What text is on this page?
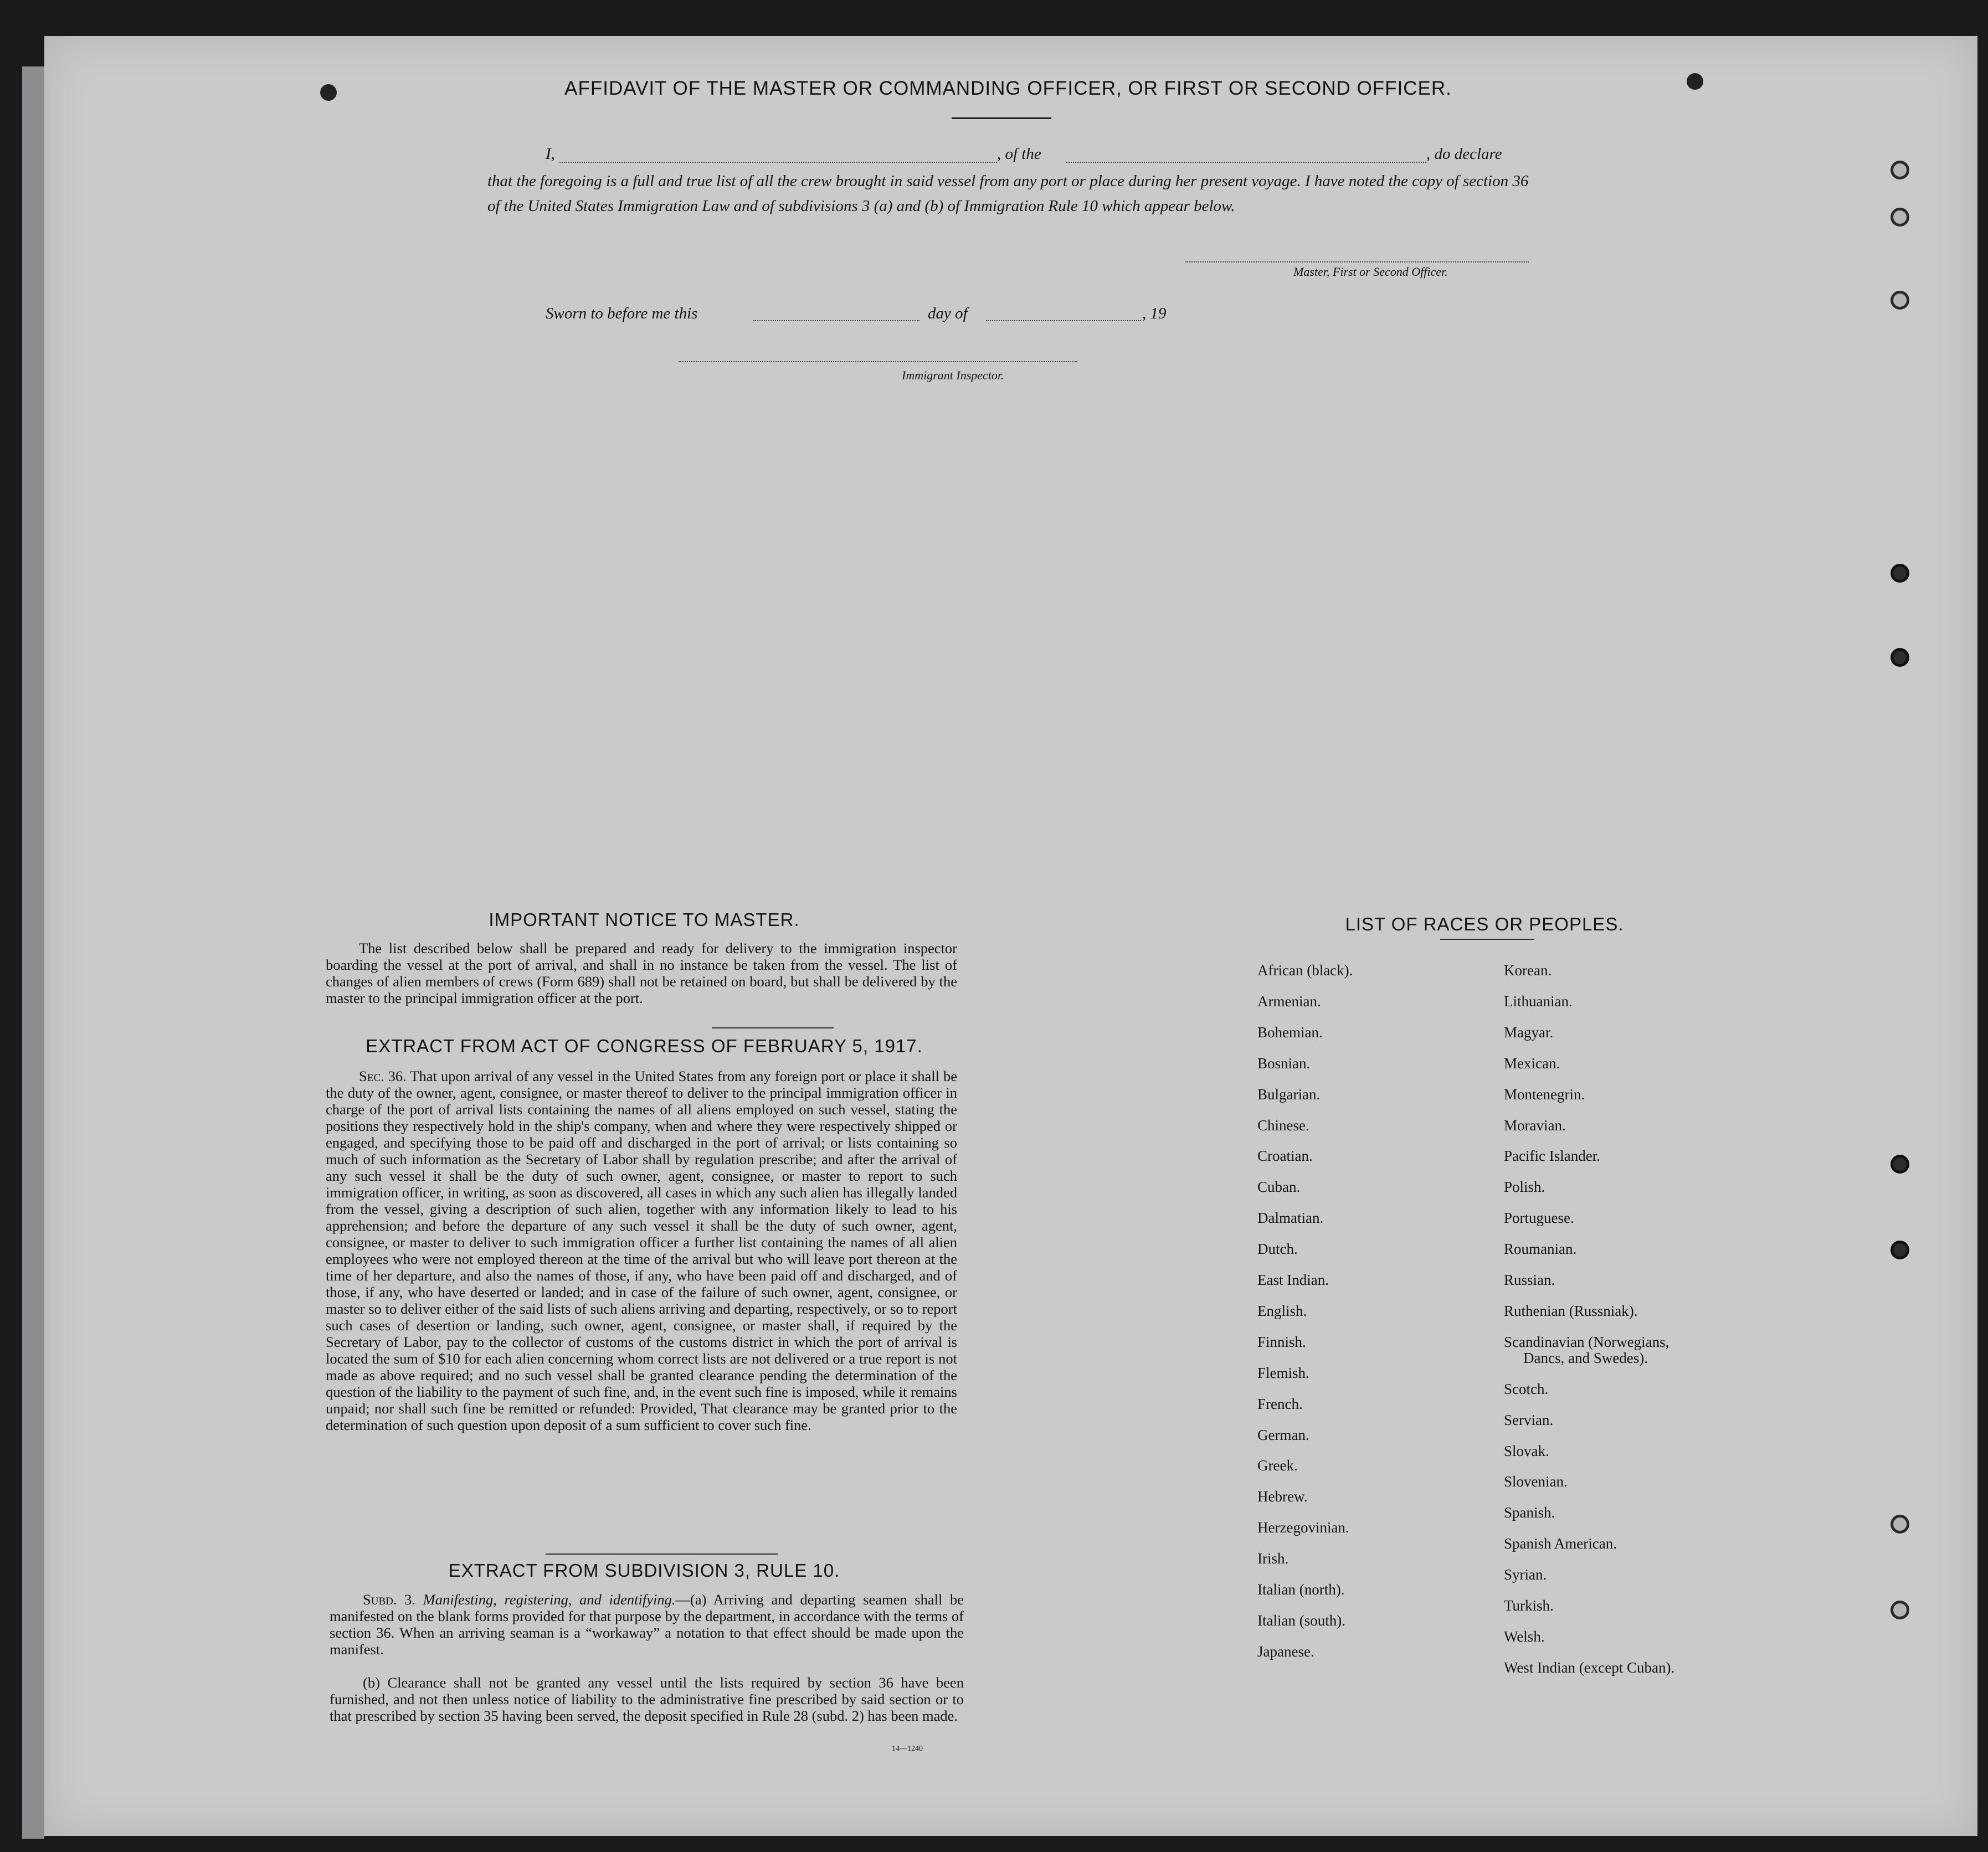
AFFIDAVIT OF THE MASTER OR COMMANDING OFFICER, OR FIRST OR SECOND OFFICER.
I,	, of the	, do declare
that the foregoing is a full and true list of all the crew brought in said vessel from any port or place during her present voyage. I have noted the copy of section 36 of the United States Immigration Law and of subdivisions 3 (a) and (b) of Immigration Rule 10 which appear below.
Master, First or Second Officer.
Sworn to before me this	day of	, 19
Immigrant Inspector.
IMPORTANT NOTICE TO MASTER.
The list described below shall be prepared and ready for delivery to the immigration inspector boarding the vessel at the port of arrival, and shall in no instance be taken from the vessel. The list of changes of alien members of crews (Form 689) shall not be retained on board, but shall be delivered by the master to the principal immigration officer at the port.
EXTRACT FROM ACT OF CONGRESS OF FEBRUARY 5, 1917.
Sec. 36. That upon arrival of any vessel in the United States from any foreign port or place it shall be the duty of the owner, agent, consignee, or master thereof to deliver to the principal immigration officer in charge of the port of arrival lists containing the names of all aliens employed on such vessel, stating the positions they respectively hold in the ship's company, when and where they were respectively shipped or engaged, and specifying those to be paid off and discharged in the port of arrival; or lists containing so much of such information as the Secretary of Labor shall by regulation prescribe; and after the arrival of any such vessel it shall be the duty of such owner, agent, consignee, or master to report to such immigration officer, in writing, as soon as discovered, all cases in which any such alien has illegally landed from the vessel, giving a description of such alien, together with any information likely to lead to his apprehension; and before the departure of any such vessel it shall be the duty of such owner, agent, consignee, or master to deliver to such immigration officer a further list containing the names of all alien employees who were not employed thereon at the time of the arrival but who will leave port thereon at the time of her departure, and also the names of those, if any, who have been paid off and discharged, and of those, if any, who have deserted or landed; and in case of the failure of such owner, agent, consignee, or master so to deliver either of the said lists of such aliens arriving and departing, respectively, or so to report such cases of desertion or landing, such owner, agent, consignee, or master shall, if required by the Secretary of Labor, pay to the collector of customs of the customs district in which the port of arrival is located the sum of $10 for each alien concerning whom correct lists are not delivered or a true report is not made as above required; and no such vessel shall be granted clearance pending the determination of the question of the liability to the payment of such fine, and, in the event such fine is imposed, while it remains unpaid; nor shall such fine be remitted or refunded: Provided, That clearance may be granted prior to the determination of such question upon deposit of a sum sufficient to cover such fine.
EXTRACT FROM SUBDIVISION 3, RULE 10.
Subd. 3. Manifesting, registering, and identifying.—(a) Arriving and departing seamen shall be manifested on the blank forms provided for that purpose by the department, in accordance with the terms of section 36. When an arriving seaman is a “workaway” a notation to that effect should be made upon the manifest.
(b) Clearance shall not be granted any vessel until the lists required by section 36 have been furnished, and not then unless notice of liability to the administrative fine prescribed by said section or to that prescribed by section 35 having been served, the deposit specified in Rule 28 (subd. 2) has been made.
14—1240
LIST OF RACES OR PEOPLES.
African (black).
Armenian.
Bohemian.
Bosnian.
Bulgarian.
Chinese.
Croatian.
Cuban.
Dalmatian.
Dutch.
East Indian.
English.
Finnish.
Flemish.
French.
German.
Greek.
Hebrew.
Herzegovinian.
Irish.
Italian (north).
Italian (south).
Japanese.
Korean.
Lithuanian.
Magyar.
Mexican.
Montenegrin.
Moravian.
Pacific Islander.
Polish.
Portuguese.
Roumanian.
Russian.
Ruthenian (Russniak).
Scandinavian (Norwegians,
Dancs, and Swedes).
Scotch.
Servian.
Slovak.
Slovenian.
Spanish.
Spanish American.
Syrian.
Turkish.
Welsh.
West Indian (except Cuban).
